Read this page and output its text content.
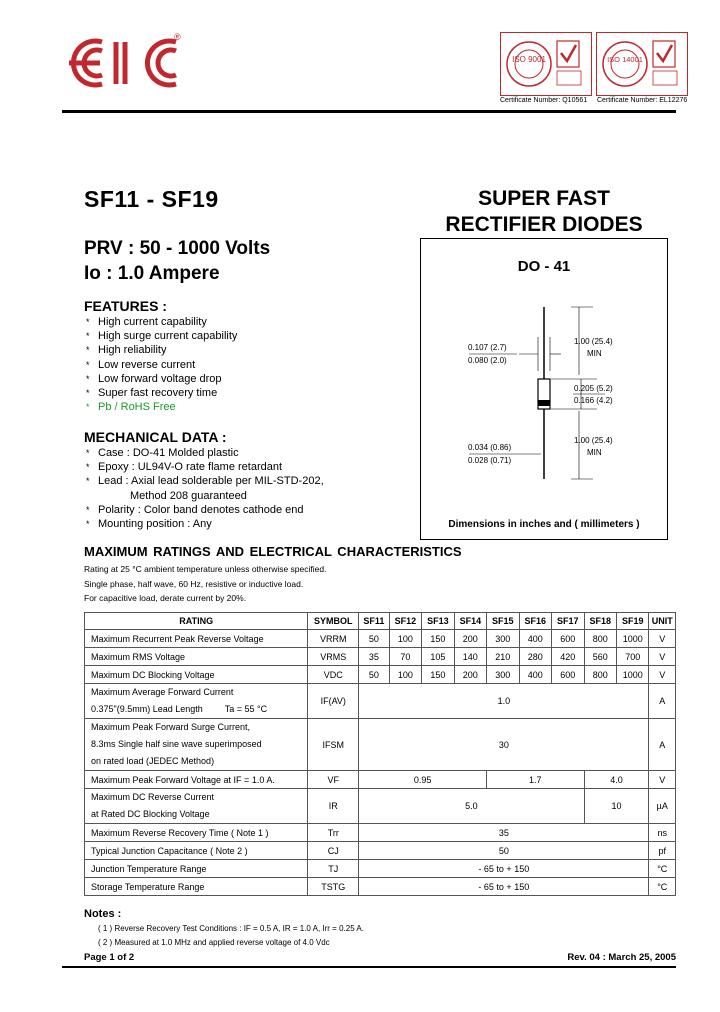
®
ISO 9001	ISO 14001
Certificate Number: Q10561 Certificate Number: EL12276
SF11 - SF19
PRV : 50 - 1000 Volts
Io : 1.0 Ampere
SUPER FAST
RECTIFIER DIODES
FEATURES :
* High current capability
* High surge current capability
* High reliability
* Low reverse current
* Low forward voltage drop
* Super fast recovery time
* Pb / RoHS Free
MECHANICAL DATA :
* Case : DO-41 Molded plastic
* Epoxy : UL94V-O rate flame retardant
* Lead : Axial lead solderable per MIL-STD-202,
Method 208 guaranteed
* Polarity : Color band denotes cathode end
* Mounting position : Any
DO - 41
0.107 (2.7)
0.080 (2.0)
1.00 (25.4)
MIN
0.205 (5.2)
0.166 (4.2)
0.034 (0.86)
0.028 (0.71)
1.00 (25.4)
MIN
Dimensions in inches and ( millimeters )
MAXIMUM RATINGS AND ELECTRICAL CHARACTERISTICS
Rating at 25 °C ambient temperature unless otherwise specified.
Single phase, half wave, 60 Hz, resistive or inductive load.
For capacitive load, derate current by 20%.
RATING	SYMBOL	SF11	SF12	SF13	SF14	SF15	SF16	SF17	SF18	SF19	UNIT
Maximum Recurrent Peak Reverse Voltage	VRRM	50	100	150	200	300	400	600	800	1000	V
Maximum RMS Voltage	VRMS	35	70	105	140	210	280	420	560	700	V
Maximum DC Blocking Voltage	VDC	50	100	150	200	300	400	600	800	1000	V

Maximum Average Forward Current
0.375"(9.5mm) Lead Length Ta = 55 °C	IF(AV)	1.0									A

Maximum Peak Forward Surge Current,
8.3ms Single half sine wave superimposed
on rated load (JEDEC Method)	IFSM	30									A
Maximum Peak Forward Voltage at IF = 1.0 A.	VF	0.95				1.7			4.0		V

Maximum DC Reverse Current
at Rated DC Blocking Voltage	IR	5.0							10		µA
Maximum Reverse Recovery Time ( Note 1 )	Trr	35									ns
Typical Junction Capacitance ( Note 2 )	CJ	50									pf
Junction Temperature Range	TJ	- 65 to + 150									°C
Storage Temperature Range	TSTG	- 65 to + 150									°C
Notes :
( 1 ) Reverse Recovery Test Conditions : IF = 0.5 A, IR = 1.0 A, Irr = 0.25 A.
( 2 ) Measured at 1.0 MHz and applied reverse voltage of 4.0 Vdc
Page 1 of 2	Rev. 04 : March 25, 2005
